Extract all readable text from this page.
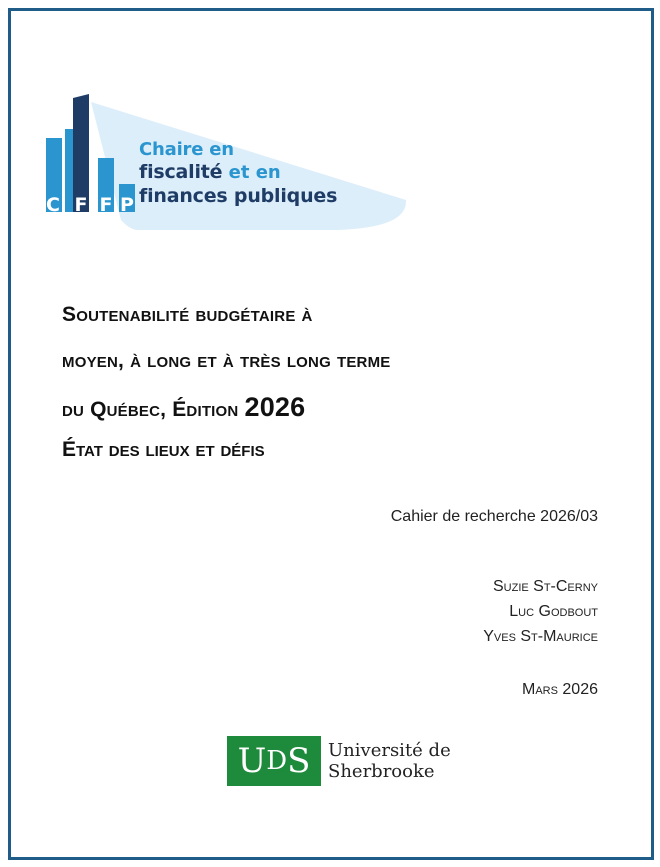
C F F P
Chaire en
fiscalité et en
finances publiques
Soutenabilité budgétaire à
moyen, à long et à très long terme
du Québec, Édition 2026
État des lieux et défis
Cahier de recherche 2026/03
Suzie St-Cerny
Luc Godbout
Yves St-Maurice
Mars 2026
U D S Université de
Sherbrooke
